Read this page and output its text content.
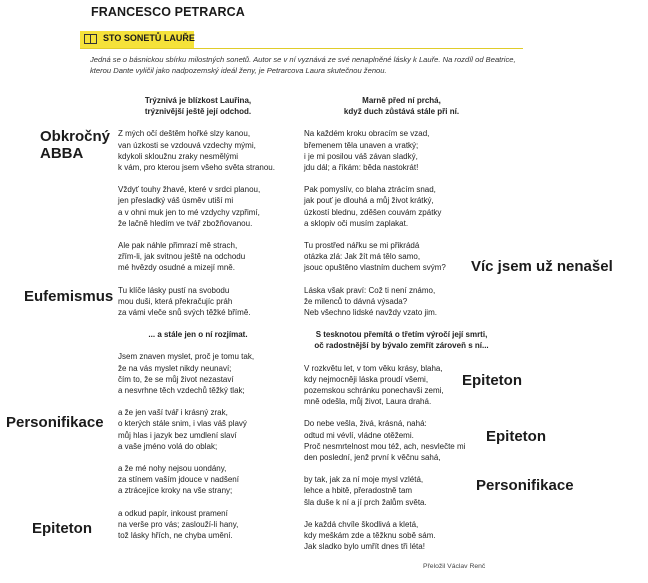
FRANCESCO PETRARCA
STO SONETŮ LAUŘE
Jedná se o básnickou sbírku milostných sonetů. Autor se v ní vyznává ze své nenaplněné lásky k Lauře. Na rozdíl od Beatrice,
kterou Dante vyličil jako nadpozemský ideál ženy, je Petrarcova Laura skutečnou ženou.
Trýznivá je blízkost Lauřina,
trýznivější ještě její odchod.
Z mých očí deštěm hořké slzy kanou,
van úzkosti se vzdouvá vzdechy mými,
kdykoli skloužnu zraky nesmělými
k vám, pro kterou jsem všeho světa stranou.
Vždyť touhy žhavé, které v srdci planou,
jen přesladký váš úsměv utiší mi
a v ohni muk jen to mé vzdychy vzpřimí,
že lačně hledím ve tvář zbožňovanou.
Ale pak náhle přimrazí mě strach,
zřím-li, jak svitnou ještě na odchodu
mé hvězdy osudné a mizejí mně.
Tu klíče lásky pustí na svobodu
mou duši, která překračujíc práh
za vámi vleče snů svých těžké břímě.
... a stále jen o ní rozjímat.
Jsem znaven myslet, proč je tomu tak,
že na vás myslet nikdy neunaví;
čím to, že se můj život nezastaví
a nesvrhne těch vzdechů těžký tlak;
a že jen vaší tvář i krásný zrak,
o kterých stále snim, i vlas váš plavý
můj hlas i jazyk bez umdlení slaví
a vaše jméno volá do oblak;
a že mé nohy nejsou uondány,
za stínem vaším jdouce v nadšení
a ztrácejíce kroky na vše strany;
a odkud papír, inkoust pramení
na verše pro vás; zaslouží-li hany,
tož lásky hřích, ne chyba umění.
Marně před ní prchá,
když duch zůstává stále při ní.
Na každém kroku obracím se vzad,
břemenem těla unaven a vratký;
i je mi posilou váš závan sladký,
jdu dál; a říkám: běda nastokrát!
Pak pomyslív, co blaha ztrácím snad,
jak pouť je dlouhá a můj život krátký,
úzkostí blednu, zděšen couvám zpátky
a sklopiv oči musím zaplakat.
Tu prostřed nářku se mi přikrádá
otázka zlá: Jak žít má tělo samo,
jsouc opuštěno vlastním duchem svým?
Láska však praví: Což ti není známo,
že milenců to dávná výsada?
Neb všechno lidské navždy vzato jim.
S tesknotou přemítá o třetím výročí její smrti,
oč radostnější by bývalo zemřít zároveň s ní...
V rozkvětu let, v tom věku krásy, blaha,
kdy nejmocněji láska proudí všemi,
pozemskou schránku ponechavši zemi,
mně odešla, můj život, Laura drahá.
Do nebe vešla, živá, krásná, nahá:
odtud mi vévlí, vládne otěžemi.
Proč nesmrtelnost mou též, ach, nesvlečte mi
den poslední, jenž první k věčnu sahá,
by tak, jak za ní moje mysl vzlétá,
lehce a hbitě, přeradostně tam
šla duše k ní a jí prch žalům světa.
Je každá chvíle škodlivá a kletá,
kdy meškám zde a těžknu sobě sám.
Jak sladko bylo umřít dnes tři léta!
Přeložil Václav Renč
Obkročný
ABBA
Eufemismus
Personifikace
Epiteton
Víc jsem už nenašel
Epiteton
Epiteton
Personifikace
